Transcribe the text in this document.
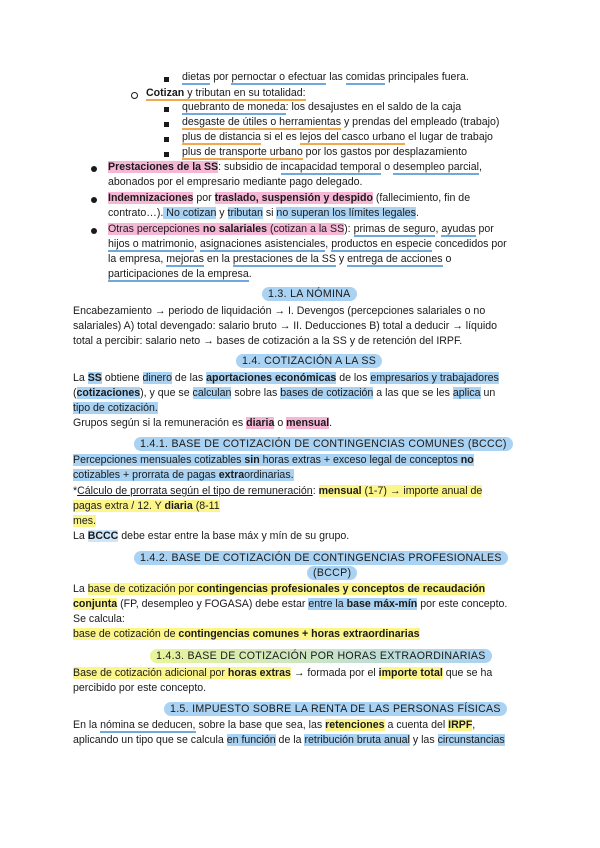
dietas por pernoctar o efectuar las comidas principales fuera.
Cotizan y tributan en su totalidad:
quebranto de moneda: los desajustes en el saldo de la caja
desgaste de útiles o herramientas y prendas del empleado (trabajo)
plus de distancia si el es lejos del casco urbano el lugar de trabajo
plus de transporte urbano por los gastos por desplazamiento
Prestaciones de la SS: subsidio de incapacidad temporal o desempleo parcial,
abonados por el empresario mediante pago delegado.
Indemnizaciones por traslado, suspensión y despido (fallecimiento, fin de
contrato…). No cotizan y tributan si no superan los límites legales.
Otras percepciones no salariales (cotizan a la SS): primas de seguro, ayudas por
hijos o matrimonio, asignaciones asistenciales, productos en especie concedidos por
la empresa, mejoras en la prestaciones de la SS y entrega de acciones o
participaciones de la empresa.
1.3. LA NÓMINA
Encabezamiento → periodo de liquidación → I. Devengos (percepciones salariales o no
salariales) A) total devengado: salario bruto → II. Deducciones B) total a deducir → líquido
total a percibir: salario neto → bases de cotización a la SS y de retención del IRPF.
1.4. COTIZACIÓN A LA SS
La SS obtiene dinero de las aportaciones económicas de los empresarios y trabajadores
(cotizaciones), y que se calculan sobre las bases de cotización a las que se les aplica un
tipo de cotización.
Grupos según si la remuneración es diaria o mensual.
1.4.1. BASE DE COTIZACIÓN DE CONTINGENCIAS COMUNES (BCCC)
Percepciones mensuales cotizables sin horas extras + exceso legal de conceptos no
cotizables + prorrata de pagas extraordinarias.
*Cálculo de prorrata según el tipo de remuneración: mensual (1-7) → importe anual de
pagas extra / 12. Y diaria (8-11
mes.
La BCCC debe estar entre la base máx y mín de su grupo.
1.4.2. BASE DE COTIZACIÓN DE CONTINGENCIAS PROFESIONALES
(BCCP)
La base de cotización por contingencias profesionales y conceptos de recaudación
conjunta (FP, desempleo y FOGASA) debe estar entre la base máx-mín por este concepto.
Se calcula:
base de cotización de contingencias comunes + horas extraordinarias
1.4.3. BASE DE COTIZACIÓN POR HORAS EXTRAORDINARIAS
Base de cotización adicional por horas extras → formada por el importe total que se ha
percibido por este concepto.
1.5. IMPUESTO SOBRE LA RENTA DE LAS PERSONAS FÍSICAS
En la nómina se deducen, sobre la base que sea, las retenciones a cuenta del IRPF,
aplicando un tipo que se calcula en función de la retribución bruta anual y las circunstancias
